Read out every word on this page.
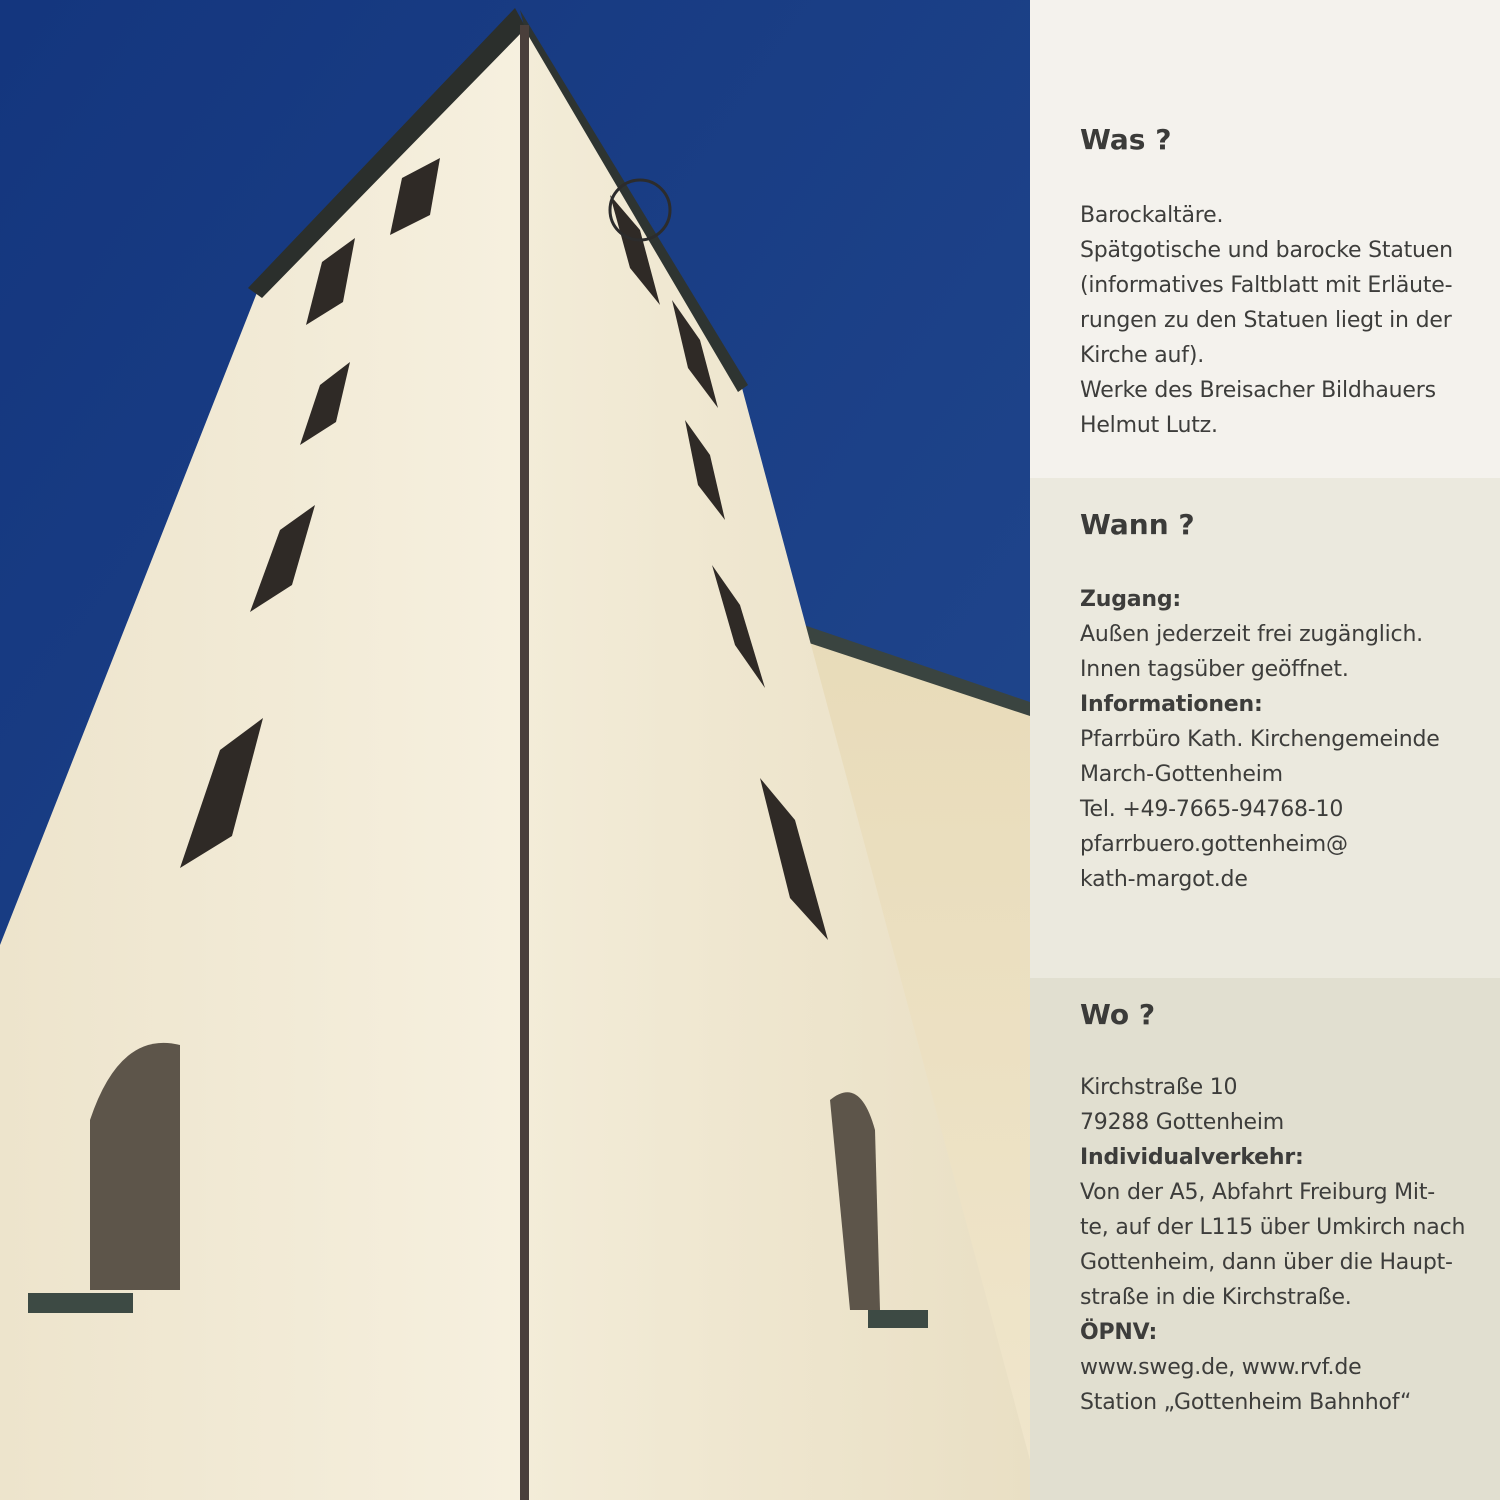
Was ?
Barockaltäre.
Spätgotische und barocke Statuen
(informatives Faltblatt mit Erläute-
rungen zu den Statuen liegt in der
Kirche auf).
Werke des Breisacher Bildhauers
Helmut Lutz.
Wann ?
Zugang:
Außen jederzeit frei zugänglich.
Innen tagsüber geöffnet.
Informationen:
Pfarrbüro Kath. Kirchengemeinde
March-Gottenheim
Tel. +49-7665-94768-10
pfarrbuero.gottenheim@
kath-margot.de
Wo ?
Kirchstraße 10
79288 Gottenheim
Individualverkehr:
Von der A5, Abfahrt Freiburg Mit-
te, auf der L115 über Umkirch nach
Gottenheim, dann über die Haupt-
straße in die Kirchstraße.
ÖPNV:
www.sweg.de, www.rvf.de
Station „Gottenheim Bahnhof“
